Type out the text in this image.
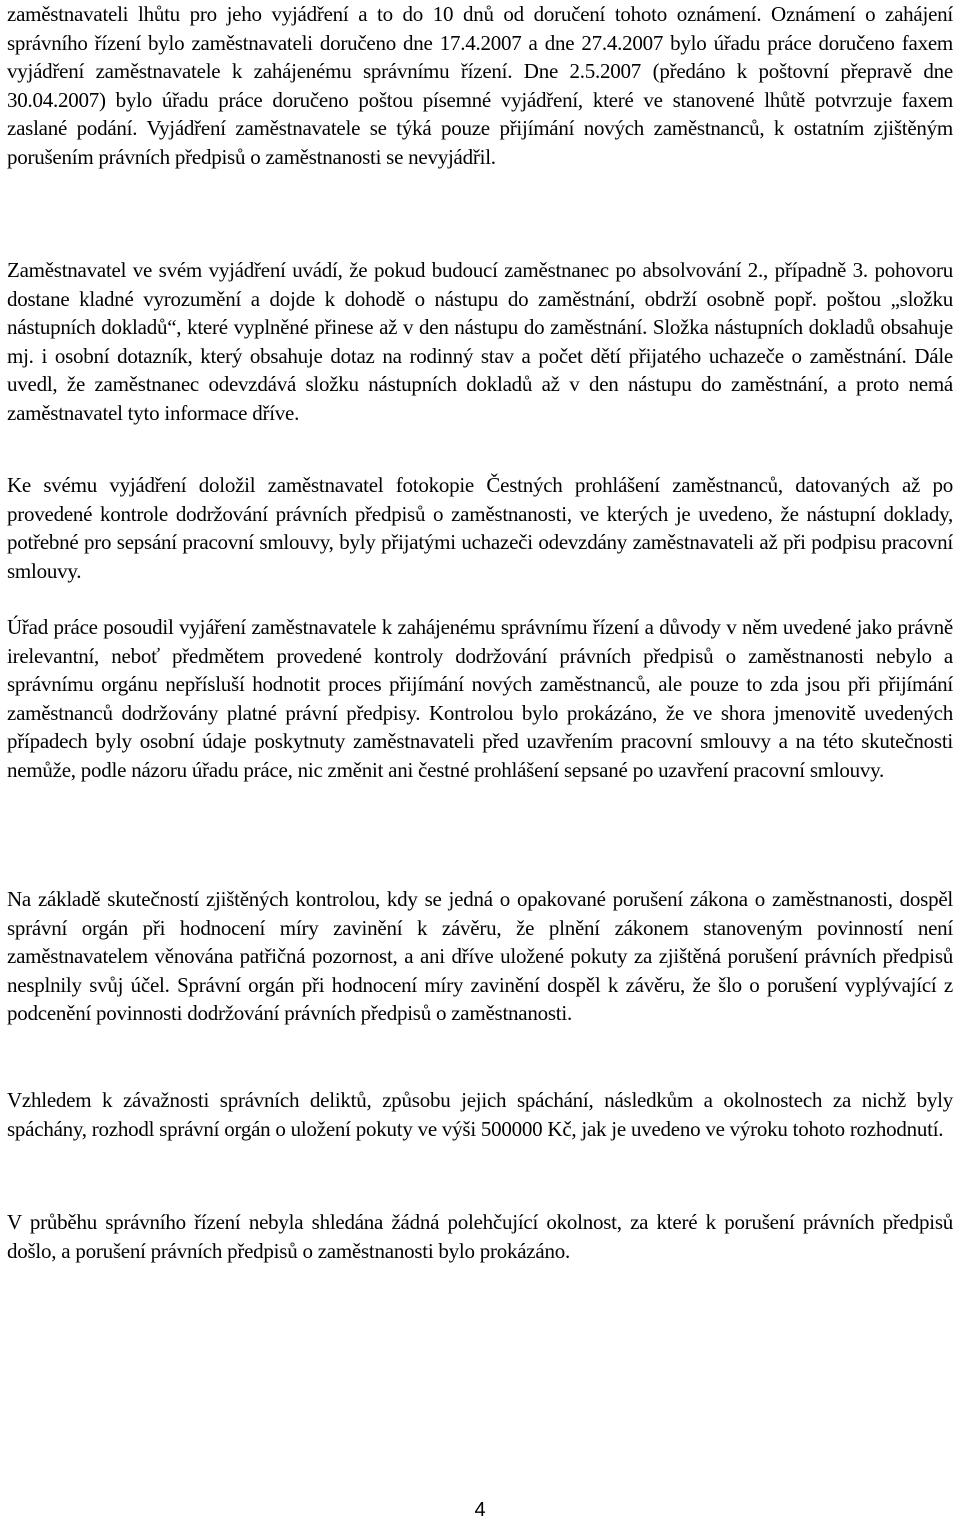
zaměstnavateli lhůtu pro jeho vyjádření a to do 10 dnů od doručení tohoto oznámení. Oznámení o zahájení správního řízení bylo zaměstnavateli doručeno dne 17.4.2007 a dne 27.4.2007 bylo úřadu práce doručeno faxem vyjádření zaměstnavatele k zahájenému správnímu řízení. Dne 2.5.2007 (předáno k poštovní přepravě dne 30.04.2007) bylo úřadu práce doručeno poštou písemné vyjádření, které ve stanovené lhůtě potvrzuje faxem zaslané podání. Vyjádření zaměstnavatele se týká pouze přijímání nových zaměstnanců, k ostatním zjištěným porušením právních předpisů o zaměstnanosti se nevyjádřil.

Zaměstnavatel ve svém vyjádření uvádí, že pokud budoucí zaměstnanec po absolvování 2., případně 3. pohovoru dostane kladné vyrozumění a dojde k dohodě o nástupu do zaměstnání, obdrží osobně popř. poštou „složku nástupních dokladů“, které vyplněné přinese až v den nástupu do zaměstnání. Složka nástupních dokladů obsahuje mj. i osobní dotazník, který obsahuje dotaz na rodinný stav a počet dětí přijatého uchazeče o zaměstnání. Dále uvedl, že zaměstnanec odevzdává složku nástupních dokladů až v den nástupu do zaměstnání, a proto nemá zaměstnavatel tyto informace dříve.

Ke svému vyjádření doložil zaměstnavatel fotokopie Čestných prohlášení zaměstnanců, datovaných až po provedené kontrole dodržování právních předpisů o zaměstnanosti, ve kterých je uvedeno, že nástupní doklady, potřebné pro sepsání pracovní smlouvy, byly přijatými uchazeči odevzdány zaměstnavateli až při podpisu pracovní smlouvy.

Úřad práce posoudil vyjáření zaměstnavatele k zahájenému správnímu řízení a důvody v něm uvedené jako právně irelevantní, neboť předmětem provedené kontroly dodržování právních předpisů o zaměstnanosti nebylo a správnímu orgánu nepřísluší hodnotit proces přijímání nových zaměstnanců, ale pouze to zda jsou při přijímání zaměstnanců dodržovány platné právní předpisy. Kontrolou bylo prokázáno, že ve shora jmenovitě uvedených případech byly osobní údaje poskytnuty zaměstnavateli před uzavřením pracovní smlouvy a na této skutečnosti nemůže, podle názoru úřadu práce, nic změnit ani čestné prohlášení sepsané po uzavření pracovní smlouvy.

Na základě skutečností zjištěných kontrolou, kdy se jedná o opakované porušení zákona o zaměstnanosti, dospěl správní orgán při hodnocení míry zavinění k závěru, že plnění zákonem stanoveným povinností není zaměstnavatelem věnována patřičná pozornost, a ani dříve uložené pokuty za zjištěná porušení právních předpisů nesplnily svůj účel. Správní orgán při hodnocení míry zavinění dospěl k závěru, že šlo o porušení vyplývající z podcenění povinnosti dodržování právních předpisů o zaměstnanosti.

Vzhledem k závažnosti správních deliktů, způsobu jejich spáchání, následkům a okolnostech za nichž byly spáchány, rozhodl správní orgán o uložení pokuty ve výši 500000 Kč, jak je uvedeno ve výroku tohoto rozhodnutí.

V průběhu správního řízení nebyla shledána žádná polehčující okolnost, za které k porušení právních předpisů došlo, a porušení právních předpisů o zaměstnanosti bylo prokázáno.

4
